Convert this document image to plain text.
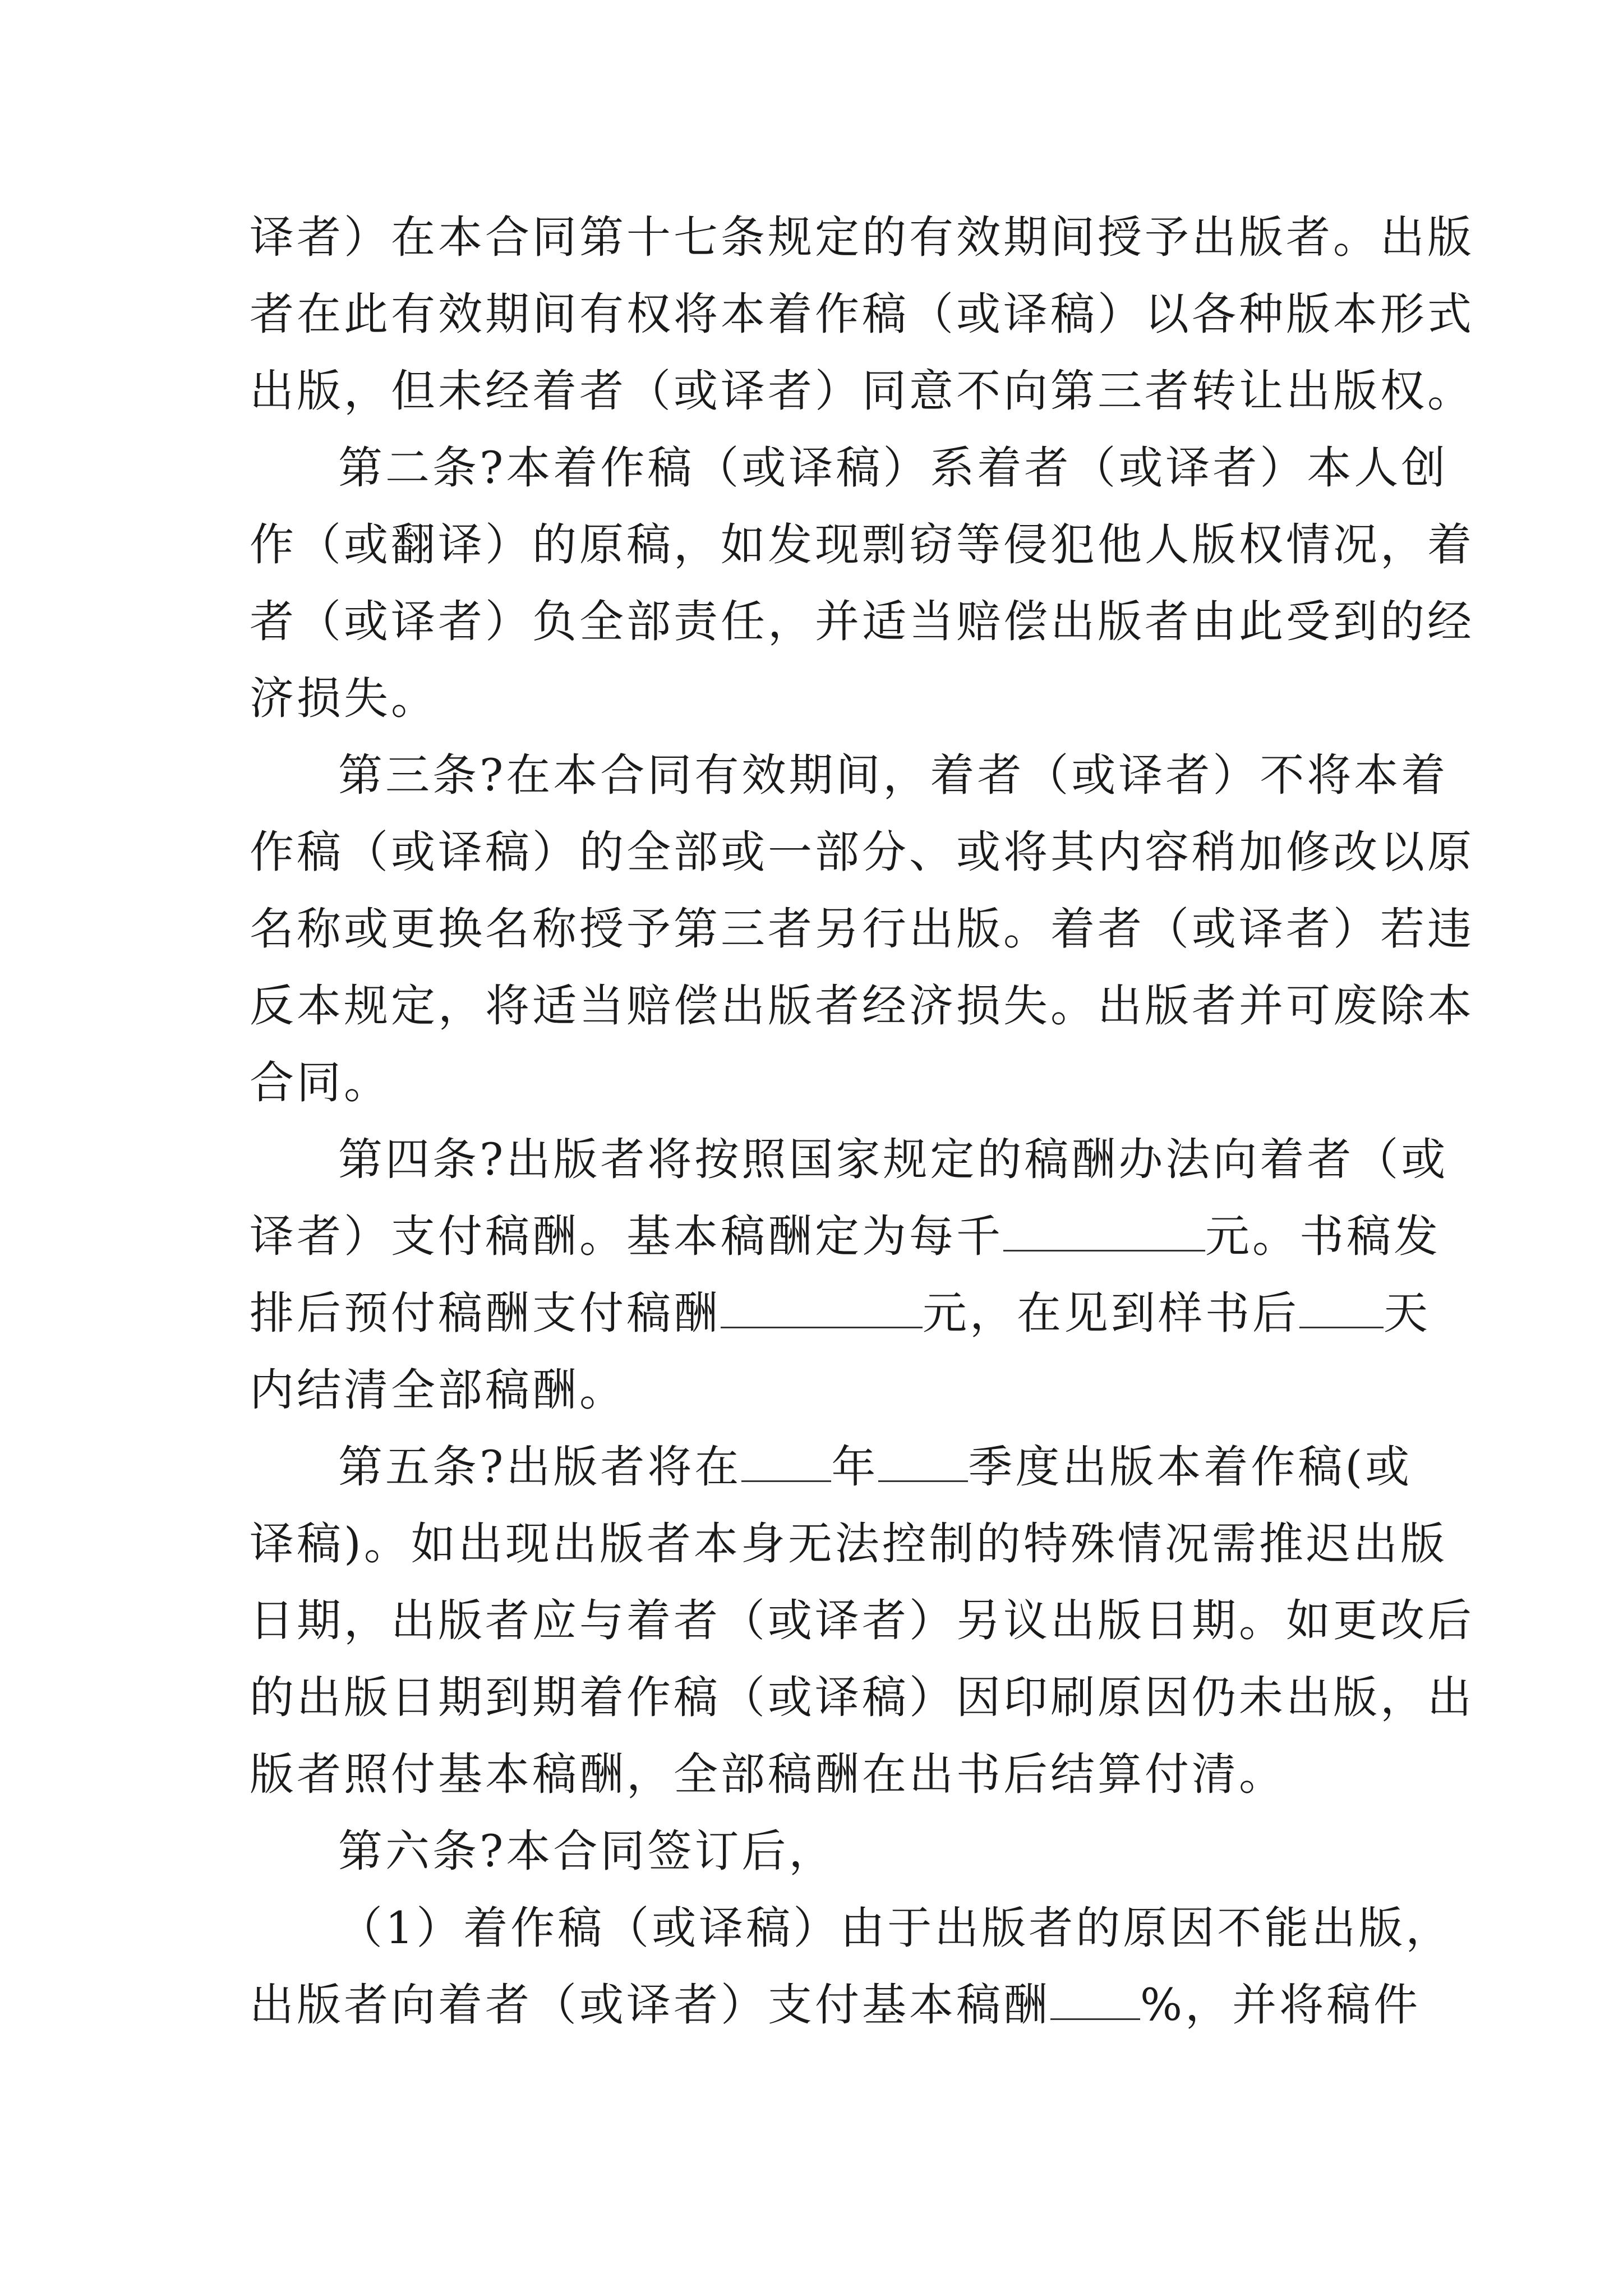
译者）在本合同第十七条规定的有效期间授予出版者。出版
者在此有效期间有权将本着作稿（或译稿）以各种版本形式
出版，但未经着者（或译者）同意不向第三者转让出版权。
第二条?本着作稿（或译稿）系着者（或译者）本人创
作（或翻译）的原稿，如发现剽窃等侵犯他人版权情况，着
者（或译者）负全部责任，并适当赔偿出版者由此受到的经
济损失。
第三条?在本合同有效期间，着者（或译者）不将本着
作稿（或译稿）的全部或一部分、或将其内容稍加修改以原
名称或更换名称授予第三者另行出版。着者（或译者）若违
反本规定，将适当赔偿出版者经济损失。出版者并可废除本
合同。
第四条?出版者将按照国家规定的稿酬办法向着者（或
译者）支付稿酬。基本稿酬定为每千	元。书稿发
排后预付稿酬支付稿酬	元，在见到样书后 天
内结清全部稿酬。
第五条?出版者将在 年 季度出版本着作稿(或
译稿)。如出现出版者本身无法控制的特殊情况需推迟出版
日期，出版者应与着者（或译者）另议出版日期。如更改后
的出版日期到期着作稿（或译稿）因印刷原因仍未出版，出
版者照付基本稿酬，全部稿酬在出书后结算付清。
第六条?本合同签订后，
（1）着作稿（或译稿）由于出版者的原因不能出版，
出版者向着者（或译者）支付基本稿酬 %，并将稿件
